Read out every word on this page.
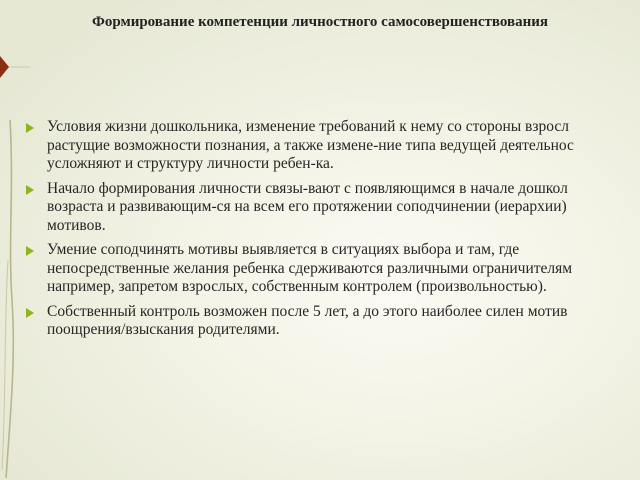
Формирование компетенции личностного самосовершенствования
Условия жизни дошкольника, изменение требований к нему со стороны взросл
растущие возможности познания, а также измене-ние типа ведущей деятельнос
усложняют и структуру личности ребен-ка.
Начало формирования личности связы-вают с появляющимся в начале дошкол
возраста и развивающим-ся на всем его протяжении соподчинении (иерархии)
мотивов.
Умение соподчинять мотивы выявляется в ситуациях выбора и там, где
непосредственные желания ребенка сдерживаются различными ограничителям
например, запретом взрослых, собственным контролем (произвольностью).
Собственный контроль возможен после 5 лет, а до этого наиболее силен мотив
поощрения/взыскания родителями.
